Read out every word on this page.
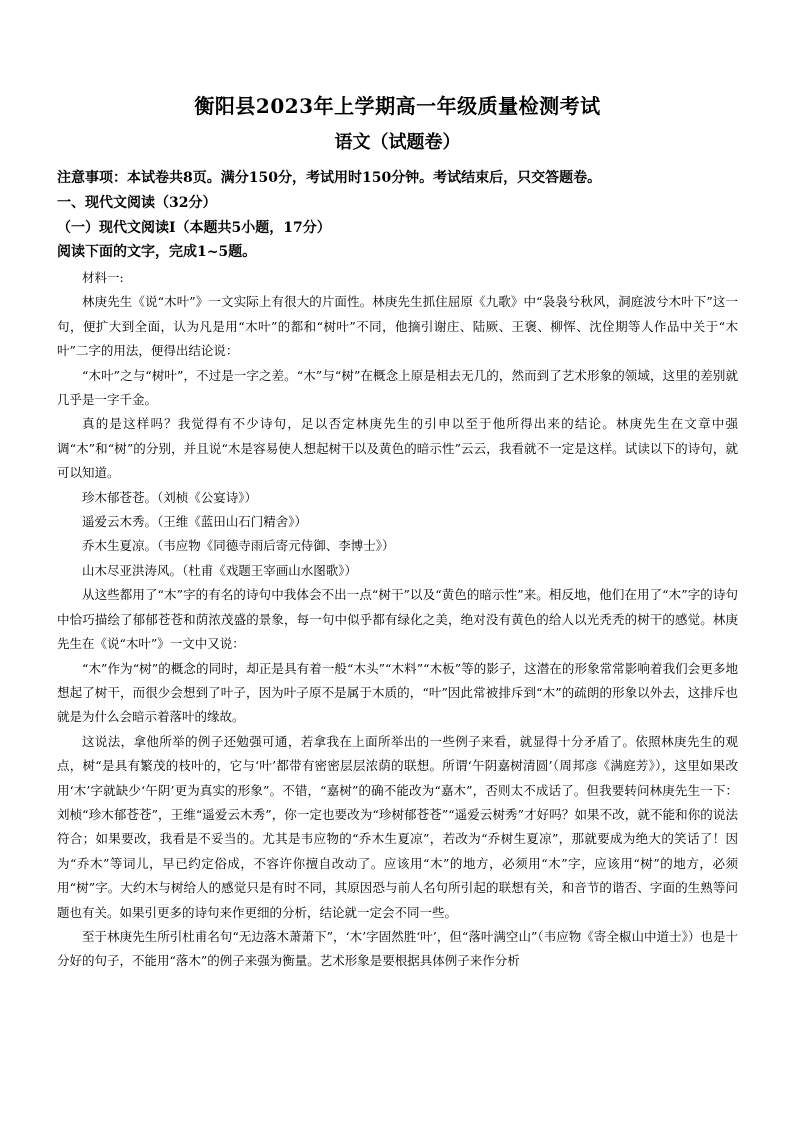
衡阳县2023年上学期高一年级质量检测考试
语文（试题卷）
注意事项：本试卷共8页。满分150分，考试用时150分钟。考试结束后，只交答题卷。
一、现代文阅读（32分）
（一）现代文阅读Ⅰ（本题共5小题，17分）
阅读下面的文字，完成1~5题。

材料一:

林庚先生《说“木叶”》一文实际上有很大的片面性。林庚先生抓住屈原《九歌》中“袅袅兮秋风，洞庭波兮木叶下”这一句，便扩大到全面，认为凡是用“木叶”的都和“树叶”不同，他摘引谢庄、陆厥、王褒、柳恽、沈佺期等人作品中关于“木叶”二字的用法，便得出结论说：

“木叶”之与“树叶”，不过是一字之差。“木”与“树”在概念上原是相去无几的，然而到了艺术形象的领域，这里的差别就几乎是一字千金。

真的是这样吗？我觉得有不少诗句，足以否定林庚先生的引申以至于他所得出来的结论。林庚先生在文章中强调“木”和“树”的分别，并且说“木是容易使人想起树干以及黄色的暗示性”云云，我看就不一定是这样。试读以下的诗句，就可以知道。

珍木郁苍苍。（刘桢《公宴诗》）

遥爱云木秀。（王维《蓝田山石门精舍》）

乔木生夏凉。（韦应物《同德寺雨后寄元侍御、李博士》）

山木尽亚洪涛风。（杜甫《戏题王宰画山水图歌》）

从这些都用了“木”字的有名的诗句中我体会不出一点“树干”以及“黄色的暗示性”来。相反地，他们在用了“木”字的诗句中恰巧描绘了郁郁苍苍和荫浓茂盛的景象，每一句中似乎都有绿化之美，绝对没有黄色的给人以光秃秃的树干的感觉。林庚先生在《说“木叶”》一文中又说：

“木”作为“树”的概念的同时，却正是具有着一般“木头”“木料”“木板”等的影子，这潜在的形象常常影响着我们会更多地想起了树干，而很少会想到了叶子，因为叶子原不是属于木质的，“叶”因此常被排斥到“木”的疏朗的形象以外去，这排斥也就是为什么会暗示着落叶的缘故。

这说法，拿他所举的例子还勉强可通，若拿我在上面所举出的一些例子来看，就显得十分矛盾了。依照林庚先生的观点，树“是具有繁茂的枝叶的，它与‘叶’都带有密密层层浓荫的联想。所谓‘午阴嘉树清圆’（周邦彦《满庭芳》），这里如果改用‘木’字就缺少‘午阴’更为真实的形象”。不错，“嘉树”的确不能改为“嘉木”，否则太不成话了。但我要转问林庚先生一下：刘桢“珍木郁苍苍”，王维“遥爱云木秀”，你一定也要改为“珍树郁苍苍”“遥爱云树秀”才好吗？如果不改，就不能和你的说法符合；如果要改，我看是不妥当的。尤其是韦应物的“乔木生夏凉”，若改为“乔树生夏凉”，那就要成为绝大的笑话了！因为“乔木”等词儿，早已约定俗成，不容许你擅自改动了。应该用“木”的地方，必须用“木”字，应该用“树”的地方，必须用“树”字。大约木与树给人的感觉只是有时不同，其原因恐与前人名句所引起的联想有关，和音节的谐否、字面的生熟等问题也有关。如果引更多的诗句来作更细的分析，结论就一定会不同一些。

至于林庚先生所引杜甫名句“无边落木萧萧下”，‘木’字固然胜‘叶’，但“落叶满空山”（韦应物《寄全椒山中道士》）也是十分好的句子，不能用“落木”的例子来强为衡量。艺术形象是要根据具体例子来作分析
